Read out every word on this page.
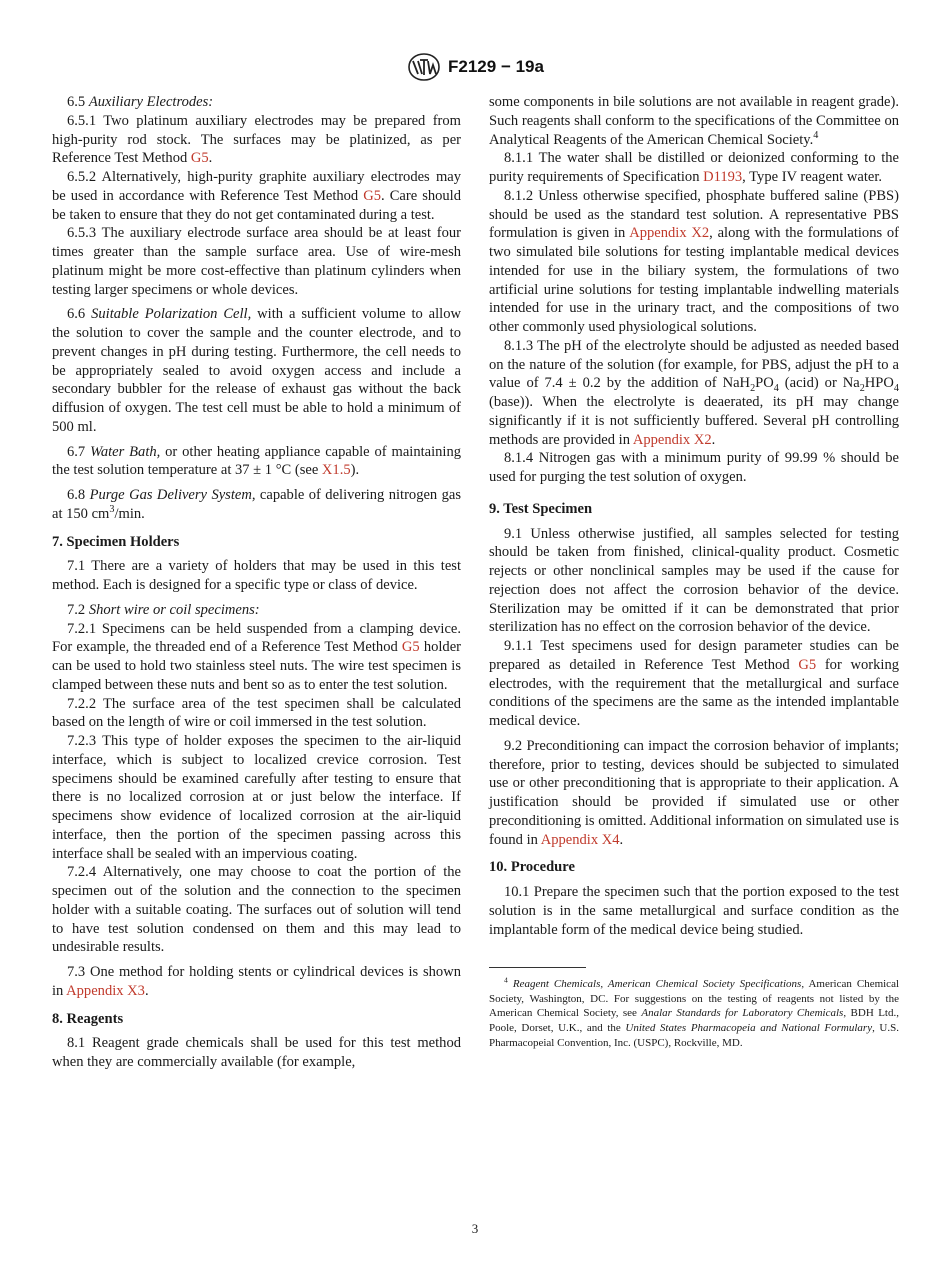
F2129 − 19a

6.5 Auxiliary Electrodes:

6.5.1 Two platinum auxiliary electrodes may be prepared from high-purity rod stock. The surfaces may be platinized, as per Reference Test Method G5.

6.5.2 Alternatively, high-purity graphite auxiliary electrodes may be used in accordance with Reference Test Method G5. Care should be taken to ensure that they do not get contaminated during a test.

6.5.3 The auxiliary electrode surface area should be at least four times greater than the sample surface area. Use of wire-mesh platinum might be more cost-effective than platinum cylinders when testing larger specimens or whole devices.

6.6 Suitable Polarization Cell, with a sufficient volume to allow the solution to cover the sample and the counter electrode, and to prevent changes in pH during testing. Furthermore, the cell needs to be appropriately sealed to avoid oxygen access and include a secondary bubbler for the release of exhaust gas without the back diffusion of oxygen. The test cell must be able to hold a minimum of 500 ml.

6.7 Water Bath, or other heating appliance capable of maintaining the test solution temperature at 37 ± 1 °C (see X1.5).

6.8 Purge Gas Delivery System, capable of delivering nitrogen gas at 150 $cm^3/\min$.

7. Specimen Holders

7.1 There are a variety of holders that may be used in this test method. Each is designed for a specific type or class of device.

7.2 Short wire or coil specimens:

7.2.1 Specimens can be held suspended from a clamping device. For example, the threaded end of a Reference Test Method G5 holder can be used to hold two stainless steel nuts. The wire test specimen is clamped between these nuts and bent so as to enter the test solution.

7.2.2 The surface area of the test specimen shall be calculated based on the length of wire or coil immersed in the test solution.

7.2.3 This type of holder exposes the specimen to the air-liquid interface, which is subject to localized crevice corrosion. Test specimens should be examined carefully after testing to ensure that there is no localized corrosion at or just below the interface. If specimens show evidence of localized corrosion at the air-liquid interface, then the portion of the specimen passing across this interface shall be sealed with an impervious coating.

7.2.4 Alternatively, one may choose to coat the portion of the specimen out of the solution and the connection to the specimen holder with a suitable coating. The surfaces out of solution will tend to have test solution condensed on them and this may lead to undesirable results.

7.3 One method for holding stents or cylindrical devices is shown in Appendix X3.

8. Reagents

8.1 Reagent grade chemicals shall be used for this test method when they are commercially available (for example,

some components in bile solutions are not available in reagent grade). Such reagents shall conform to the specifications of the Committee on Analytical Reagents of the American Chemical Society.$^4$

8.1.1 The water shall be distilled or deionized conforming to the purity requirements of Specification D1193, Type IV reagent water.

8.1.2 Unless otherwise specified, phosphate buffered saline (PBS) should be used as the standard test solution. A representative PBS formulation is given in Appendix X2, along with the formulations of two simulated bile solutions for testing implantable medical devices intended for use in the biliary system, the formulations of two artificial urine solutions for testing implantable indwelling materials intended for use in the urinary tract, and the compositions of two other commonly used physiological solutions.

8.1.3 The pH of the electrolyte should be adjusted as needed based on the nature of the solution (for example, for PBS, adjust the pH to a value of 7.4 ± 0.2 by the addition of $NaH_2PO_4$ (acid) or $Na_2HPO_4$ (base)). When the electrolyte is deaerated, its pH may change significantly if it is not sufficiently buffered. Several pH controlling methods are provided in Appendix X2.

8.1.4 Nitrogen gas with a minimum purity of 99.99 % should be used for purging the test solution of oxygen.

9. Test Specimen

9.1 Unless otherwise justified, all samples selected for testing should be taken from finished, clinical-quality product. Cosmetic rejects or other nonclinical samples may be used if the cause for rejection does not affect the corrosion behavior of the device. Sterilization may be omitted if it can be demonstrated that prior sterilization has no effect on the corrosion behavior of the device.

9.1.1 Test specimens used for design parameter studies can be prepared as detailed in Reference Test Method G5 for working electrodes, with the requirement that the metallurgical and surface conditions of the specimens are the same as the intended implantable medical device.

9.2 Preconditioning can impact the corrosion behavior of implants; therefore, prior to testing, devices should be subjected to simulated use or other preconditioning that is appropriate to their application. A justification should be provided if simulated use or other preconditioning is omitted. Additional information on simulated use is found in Appendix X4.

10. Procedure

10.1 Prepare the specimen such that the portion exposed to the test solution is in the same metallurgical and surface condition as the implantable form of the medical device being studied.

$^4$ Reagent Chemicals, American Chemical Society Specifications, American Chemical Society, Washington, DC. For suggestions on the testing of reagents not listed by the American Chemical Society, see Analar Standards for Laboratory Chemicals, BDH Ltd., Poole, Dorset, U.K., and the United States Pharmacopeia and National Formulary, U.S. Pharmacopeial Convention, Inc. (USPC), Rockville, MD.

3
